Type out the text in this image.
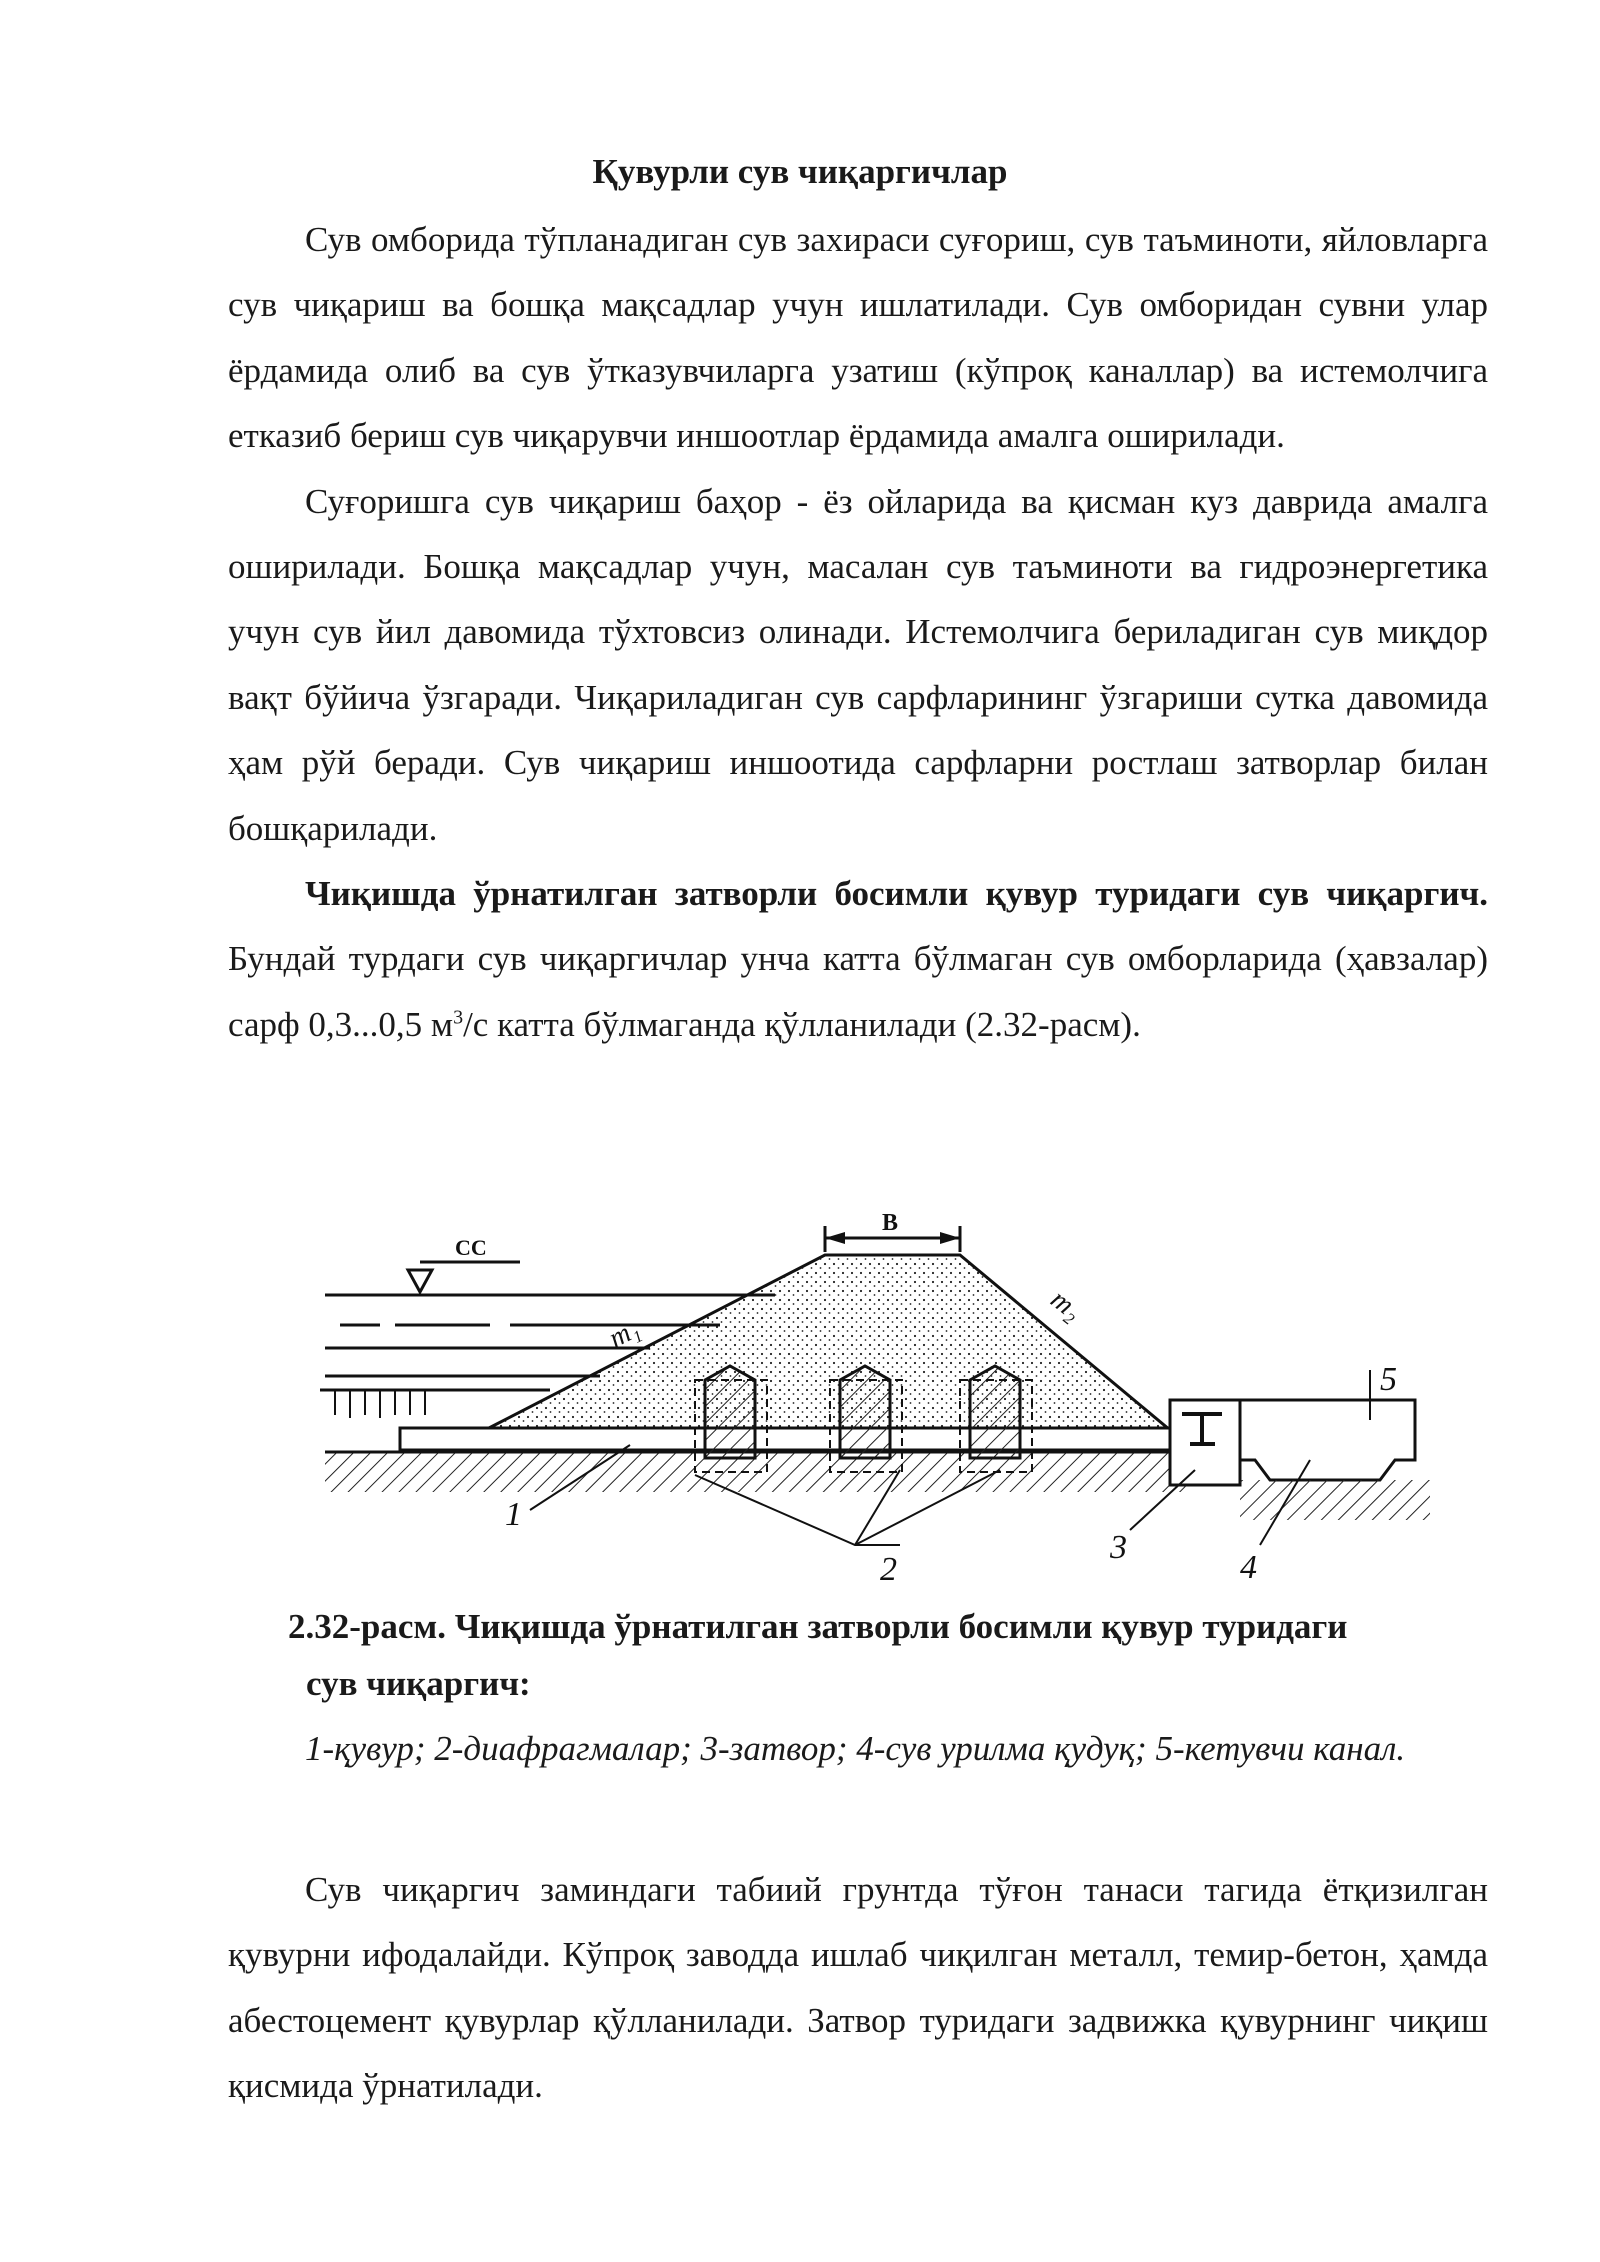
Қувурли сув чиқаргичлар

Сув омборида тўпланадиган сув захираси суғориш, сув таъминоти, яйловларга сув чиқариш ва бошқа мақсадлар учун ишлатилади. Сув омборидан сувни улар ёрдамида олиб ва сув ўтказувчиларга узатиш (кўпроқ каналлар) ва истемолчига етказиб бериш сув чиқарувчи иншоотлар ёрдамида амалга оширилади.

Суғоришга сув чиқариш баҳор - ёз ойларида ва қисман куз даврида амалга оширилади. Бошқа мақсадлар учун, масалан сув таъминоти ва гидроэнергетика учун сув йил давомида тўхтовсиз олинади. Истемолчига бериладиган сув миқдор вақт бўйича ўзгаради. Чиқариладиган сув сарфларининг ўзгариши сутка давомида ҳам рўй беради. Сув чиқариш иншоотида сарфларни ростлаш затворлар билан бошқарилади.

Чиқишда ўрнатилган затворли босимли қувур туридаги сув чиқаргич. Бундай турдаги сув чиқаргичлар унча катта бўлмаган сув омборларида (ҳавзалар) сарф 0,3...0,5 $м^3/с$ катта бўлмаганда қўлланилади (2.32-расм).

В
СС
m₁
m₂
5
1
2
3
4
2.32-расм. Чиқишда ўрнатилган затворли босимли қувур туридаги
сув чиқаргич:

1-қувур; 2-диафрагмалар; 3-затвор; 4-сув урилма қудуқ; 5-кетувчи канал.

Сув чиқаргич заминдаги табиий грунтда тўғон танаси тагида ётқизилган қувурни ифодалайди. Кўпроқ заводда ишлаб чиқилган металл, темир-бетон, ҳамда абестоцемент қувурлар қўлланилади. Затвор туридаги задвижка қувурнинг чиқиш қисмида ўрнатилади.
